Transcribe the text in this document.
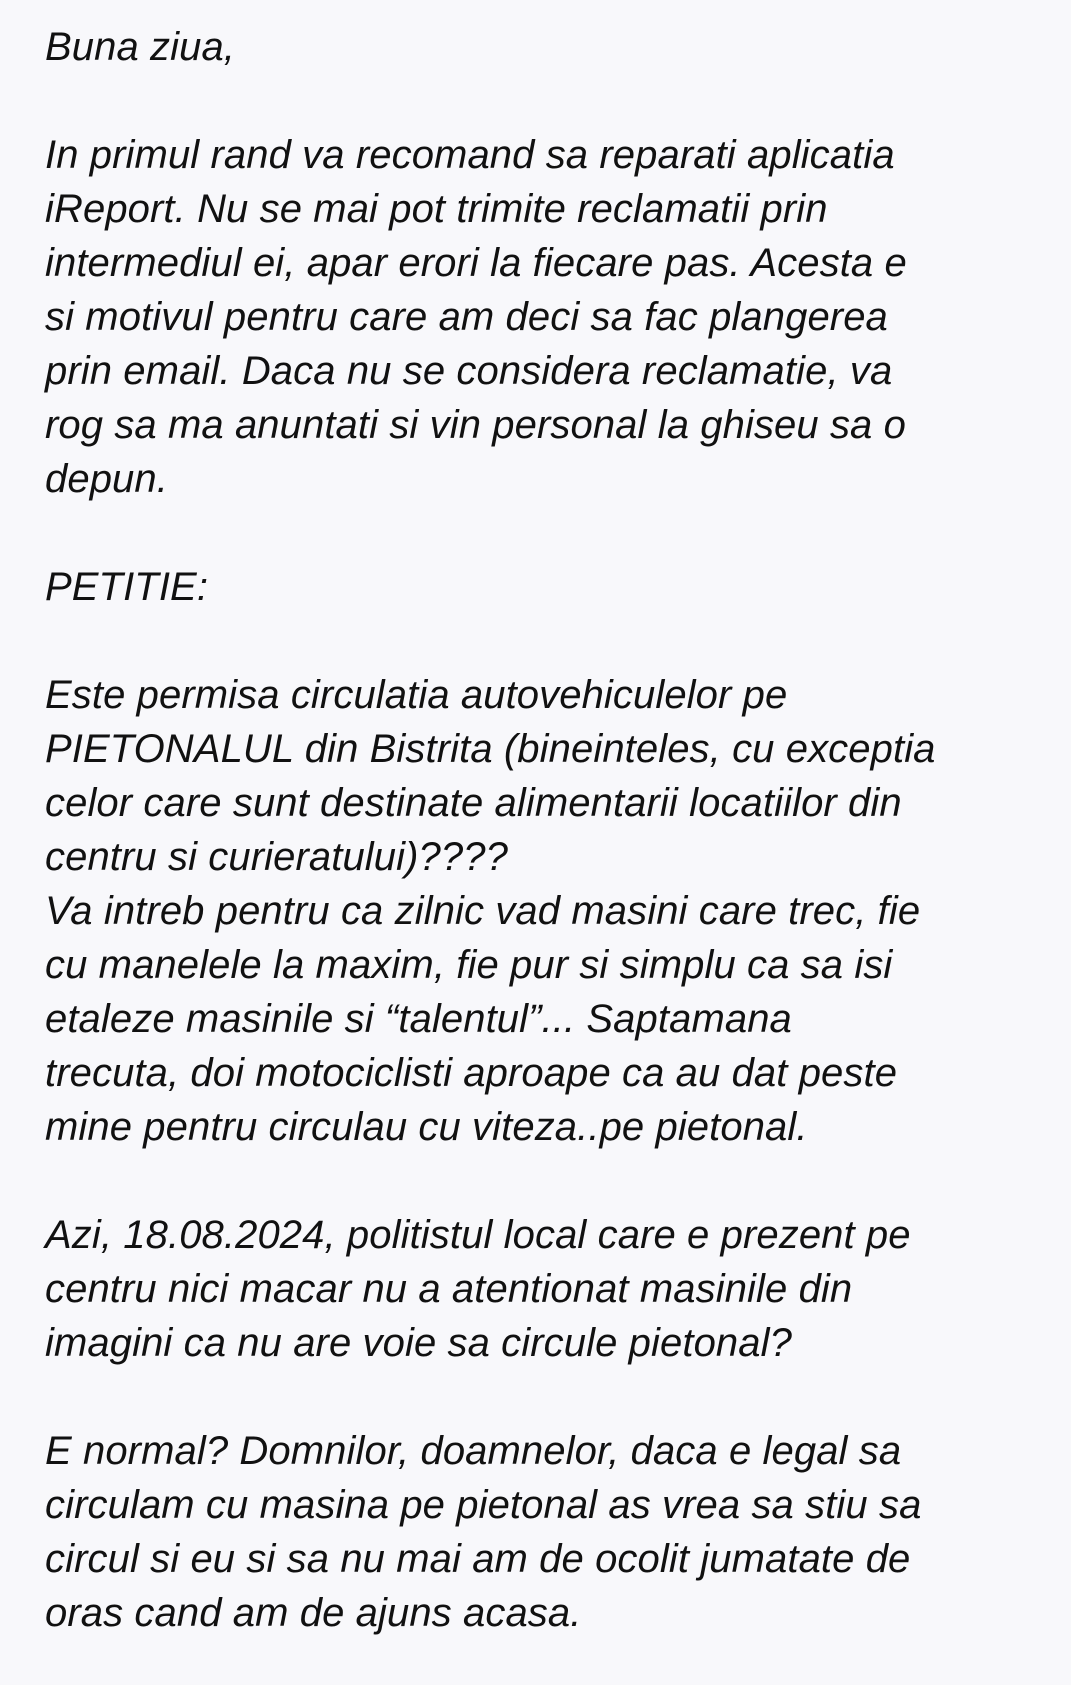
Buna ziua,
In primul rand va recomand sa reparati aplicatia
iReport. Nu se mai pot trimite reclamatii prin
intermediul ei, apar erori la fiecare pas. Acesta e
si motivul pentru care am deci sa fac plangerea
prin email. Daca nu se considera reclamatie, va
rog sa ma anuntati si vin personal la ghiseu sa o
depun.
PETITIE:
Este permisa circulatia autovehiculelor pe
PIETONALUL din Bistrita (bineinteles, cu exceptia
celor care sunt destinate alimentarii locatiilor din
centru si curieratului)????
Va intreb pentru ca zilnic vad masini care trec, fie
cu manelele la maxim, fie pur si simplu ca sa isi
etaleze masinile si “talentul”... Saptamana
trecuta, doi motociclisti aproape ca au dat peste
mine pentru circulau cu viteza..pe pietonal.
Azi, 18.08.2024, politistul local care e prezent pe
centru nici macar nu a atentionat masinile din
imagini ca nu are voie sa circule pietonal?
E normal? Domnilor, doamnelor, daca e legal sa
circulam cu masina pe pietonal as vrea sa stiu sa
circul si eu si sa nu mai am de ocolit jumatate de
oras cand am de ajuns acasa.
